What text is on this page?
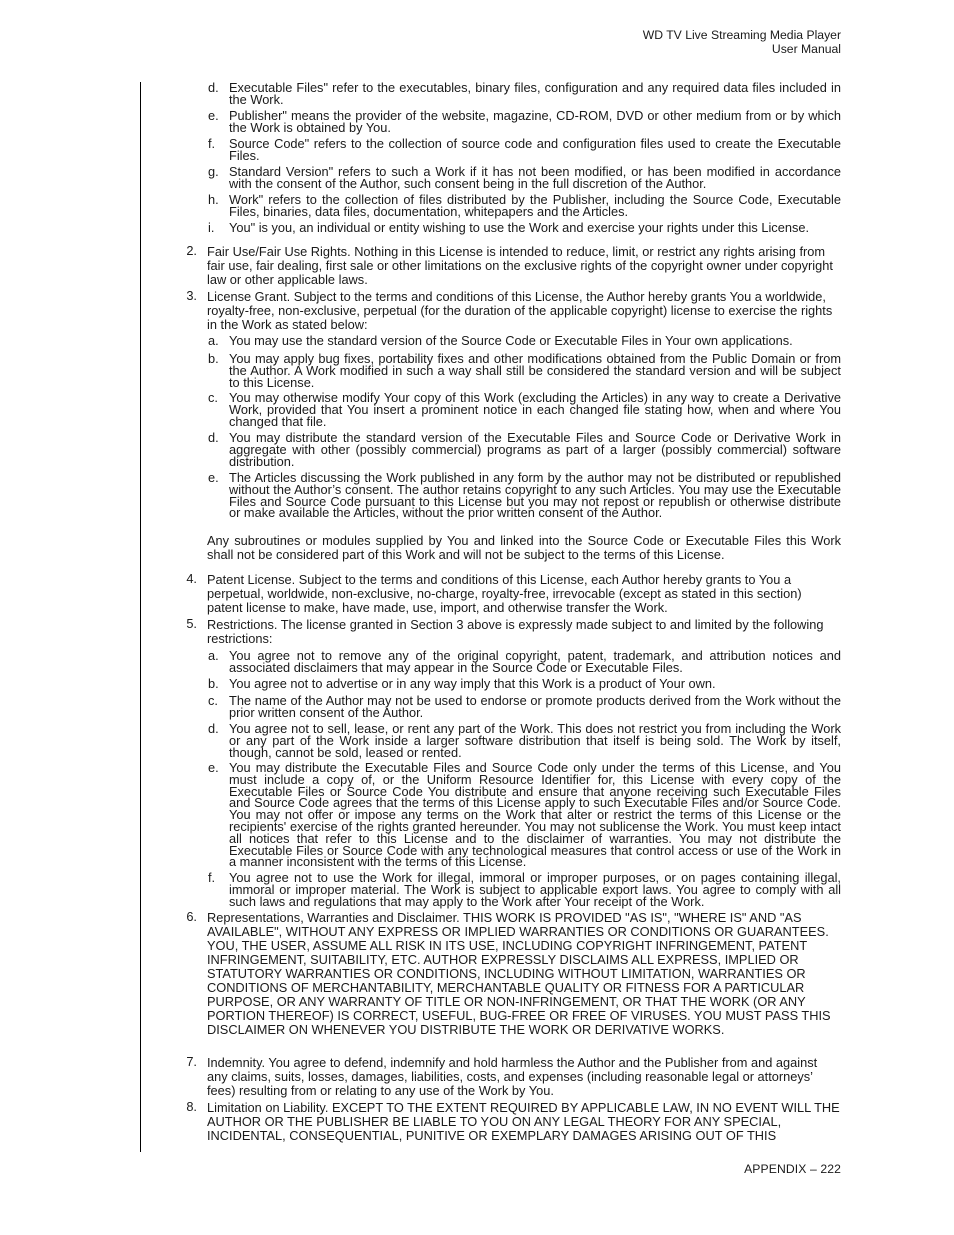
WD TV Live Streaming Media Player
User Manual
d. Executable Files" refer to the executables, binary files, configuration and any required data files included in the Work.
e. Publisher" means the provider of the website, magazine, CD-ROM, DVD or other medium from or by which the Work is obtained by You.
f. Source Code" refers to the collection of source code and configuration files used to create the Executable Files.
g. Standard Version" refers to such a Work if it has not been modified, or has been modified in accordance with the consent of the Author, such consent being in the full discretion of the Author.
h. Work" refers to the collection of files distributed by the Publisher, including the Source Code, Executable Files, binaries, data files, documentation, whitepapers and the Articles.
i. You" is you, an individual or entity wishing to use the Work and exercise your rights under this License.
2. Fair Use/Fair Use Rights. Nothing in this License is intended to reduce, limit, or restrict any rights arising from fair use, fair dealing, first sale or other limitations on the exclusive rights of the copyright owner under copyright law or other applicable laws.
3. License Grant. Subject to the terms and conditions of this License, the Author hereby grants You a worldwide, royalty-free, non-exclusive, perpetual (for the duration of the applicable copyright) license to exercise the rights in the Work as stated below:
a. You may use the standard version of the Source Code or Executable Files in Your own applications.
b. You may apply bug fixes, portability fixes and other modifications obtained from the Public Domain or from the Author. A Work modified in such a way shall still be considered the standard version and will be subject to this License.
c. You may otherwise modify Your copy of this Work (excluding the Articles) in any way to create a Derivative Work, provided that You insert a prominent notice in each changed file stating how, when and where You changed that file.
d. You may distribute the standard version of the Executable Files and Source Code or Derivative Work in aggregate with other (possibly commercial) programs as part of a larger (possibly commercial) software distribution.
e. The Articles discussing the Work published in any form by the author may not be distributed or republished without the Author’s consent. The author retains copyright to any such Articles. You may use the Executable Files and Source Code pursuant to this License but you may not repost or republish or otherwise distribute or make available the Articles, without the prior written consent of the Author.
Any subroutines or modules supplied by You and linked into the Source Code or Executable Files this Work shall not be considered part of this Work and will not be subject to the terms of this License.
4. Patent License. Subject to the terms and conditions of this License, each Author hereby grants to You a perpetual, worldwide, non-exclusive, no-charge, royalty-free, irrevocable (except as stated in this section) patent license to make, have made, use, import, and otherwise transfer the Work.
5. Restrictions. The license granted in Section 3 above is expressly made subject to and limited by the following restrictions:
a. You agree not to remove any of the original copyright, patent, trademark, and attribution notices and associated disclaimers that may appear in the Source Code or Executable Files.
b. You agree not to advertise or in any way imply that this Work is a product of Your own.
c. The name of the Author may not be used to endorse or promote products derived from the Work without the prior written consent of the Author.
d. You agree not to sell, lease, or rent any part of the Work. This does not restrict you from including the Work or any part of the Work inside a larger software distribution that itself is being sold. The Work by itself, though, cannot be sold, leased or rented.
e. You may distribute the Executable Files and Source Code only under the terms of this License, and You must include a copy of, or the Uniform Resource Identifier for, this License with every copy of the Executable Files or Source Code You distribute and ensure that anyone receiving such Executable Files and Source Code agrees that the terms of this License apply to such Executable Files and/or Source Code. You may not offer or impose any terms on the Work that alter or restrict the terms of this License or the recipients' exercise of the rights granted hereunder. You may not sublicense the Work. You must keep intact all notices that refer to this License and to the disclaimer of warranties. You may not distribute the Executable Files or Source Code with any technological measures that control access or use of the Work in a manner inconsistent with the terms of this License.
f. You agree not to use the Work for illegal, immoral or improper purposes, or on pages containing illegal, immoral or improper material. The Work is subject to applicable export laws. You agree to comply with all such laws and regulations that may apply to the Work after Your receipt of the Work.
6. Representations, Warranties and Disclaimer. THIS WORK IS PROVIDED "AS IS", "WHERE IS" AND "AS AVAILABLE", WITHOUT ANY EXPRESS OR IMPLIED WARRANTIES OR CONDITIONS OR GUARANTEES. YOU, THE USER, ASSUME ALL RISK IN ITS USE, INCLUDING COPYRIGHT INFRINGEMENT, PATENT INFRINGEMENT, SUITABILITY, ETC. AUTHOR EXPRESSLY DISCLAIMS ALL EXPRESS, IMPLIED OR STATUTORY WARRANTIES OR CONDITIONS, INCLUDING WITHOUT LIMITATION, WARRANTIES OR CONDITIONS OF MERCHANTABILITY, MERCHANTABLE QUALITY OR FITNESS FOR A PARTICULAR PURPOSE, OR ANY WARRANTY OF TITLE OR NON-INFRINGEMENT, OR THAT THE WORK (OR ANY PORTION THEREOF) IS CORRECT, USEFUL, BUG-FREE OR FREE OF VIRUSES. YOU MUST PASS THIS DISCLAIMER ON WHENEVER YOU DISTRIBUTE THE WORK OR DERIVATIVE WORKS.
7. Indemnity. You agree to defend, indemnify and hold harmless the Author and the Publisher from and against any claims, suits, losses, damages, liabilities, costs, and expenses (including reasonable legal or attorneys’ fees) resulting from or relating to any use of the Work by You.
8. Limitation on Liability. EXCEPT TO THE EXTENT REQUIRED BY APPLICABLE LAW, IN NO EVENT WILL THE AUTHOR OR THE PUBLISHER BE LIABLE TO YOU ON ANY LEGAL THEORY FOR ANY SPECIAL, INCIDENTAL, CONSEQUENTIAL, PUNITIVE OR EXEMPLARY DAMAGES ARISING OUT OF THIS
APPENDIX – 222
